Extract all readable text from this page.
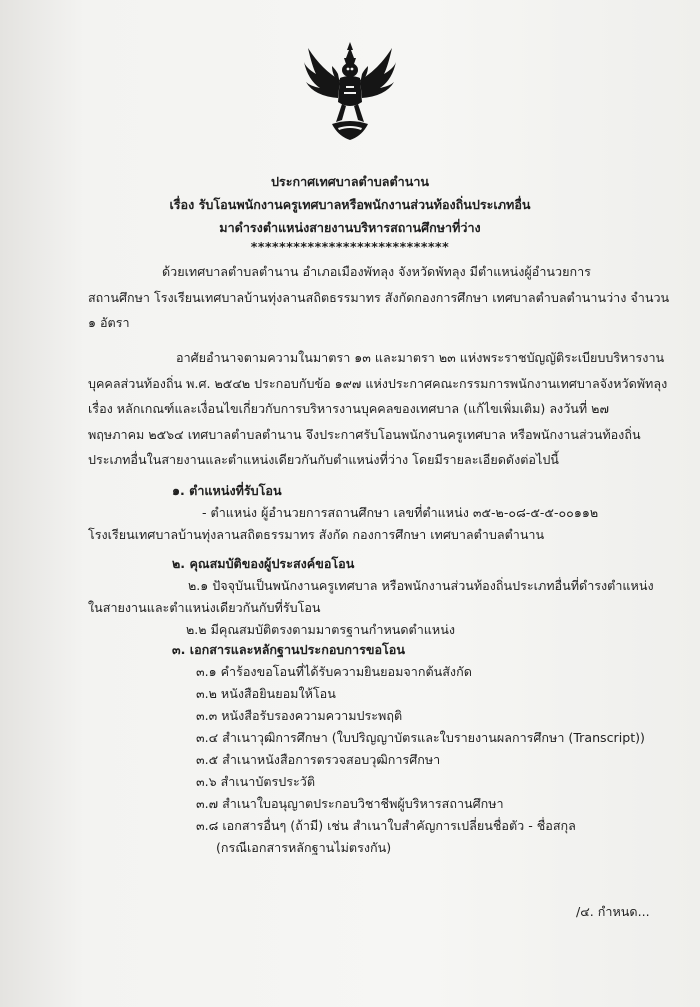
ประกาศเทศบาลตำบลตำนาน
เรื่อง รับโอนพนักงานครูเทศบาลหรือพนักงานส่วนท้องถิ่นประเภทอื่น
มาดำรงตำแหน่งสายงานบริหารสถานศึกษาที่ว่าง
****************************
ด้วยเทศบาลตำบลตำนาน อำเภอเมืองพัทลุง จังหวัดพัทลุง มีตำแหน่งผู้อำนวยการ
สถานศึกษา โรงเรียนเทศบาลบ้านทุ่งลานสถิตธรรมาทร สังกัดกองการศึกษา เทศบาลตำบลตำนานว่าง จำนวน
๑ อัตรา
อาศัยอำนาจตามความในมาตรา ๑๓ และมาตรา ๒๓ แห่งพระราชบัญญัติระเบียบบริหารงาน
บุคคลส่วนท้องถิ่น พ.ศ. ๒๕๔๒ ประกอบกับข้อ ๑๙๗ แห่งประกาศคณะกรรมการพนักงานเทศบาลจังหวัดพัทลุง
เรื่อง หลักเกณฑ์และเงื่อนไขเกี่ยวกับการบริหารงานบุคคลของเทศบาล (แก้ไขเพิ่มเติม) ลงวันที่ ๒๗
พฤษภาคม ๒๕๖๔ เทศบาลตำบลตำนาน จึงประกาศรับโอนพนักงานครูเทศบาล หรือพนักงานส่วนท้องถิ่น
ประเภทอื่นในสายงานและตำแหน่งเดียวกันกับตำแหน่งที่ว่าง โดยมีรายละเอียดดังต่อไปนี้
๑. ตำแหน่งที่รับโอน
- ตำแหน่ง ผู้อำนวยการสถานศึกษา เลขที่ตำแหน่ง ๓๕-๒-๐๘-๕-๕-๐๐๑๑๒
โรงเรียนเทศบาลบ้านทุ่งลานสถิตธรรมาทร สังกัด กองการศึกษา เทศบาลตำบลตำนาน
๒. คุณสมบัติของผู้ประสงค์ขอโอน
๒.๑ ปัจจุบันเป็นพนักงานครูเทศบาล หรือพนักงานส่วนท้องถิ่นประเภทอื่นที่ดำรงตำแหน่ง
ในสายงานและตำแหน่งเดียวกันกับที่รับโอน
๒.๒ มีคุณสมบัติตรงตามมาตรฐานกำหนดตำแหน่ง
๓. เอกสารและหลักฐานประกอบการขอโอน
๓.๑ คำร้องขอโอนที่ได้รับความยินยอมจากต้นสังกัด
๓.๒ หนังสือยินยอมให้โอน
๓.๓ หนังสือรับรองความความประพฤติ
๓.๔ สำเนาวุฒิการศึกษา (ใบปริญญาบัตรและใบรายงานผลการศึกษา (Transcript))
๓.๕ สำเนาหนังสือการตรวจสอบวุฒิการศึกษา
๓.๖ สำเนาบัตรประวัติ
๓.๗ สำเนาใบอนุญาตประกอบวิชาชีพผู้บริหารสถานศึกษา
๓.๘ เอกสารอื่นๆ (ถ้ามี) เช่น สำเนาใบสำคัญการเปลี่ยนชื่อตัว - ชื่อสกุล
(กรณีเอกสารหลักฐานไม่ตรงกัน)
/๔. กำหนด...
